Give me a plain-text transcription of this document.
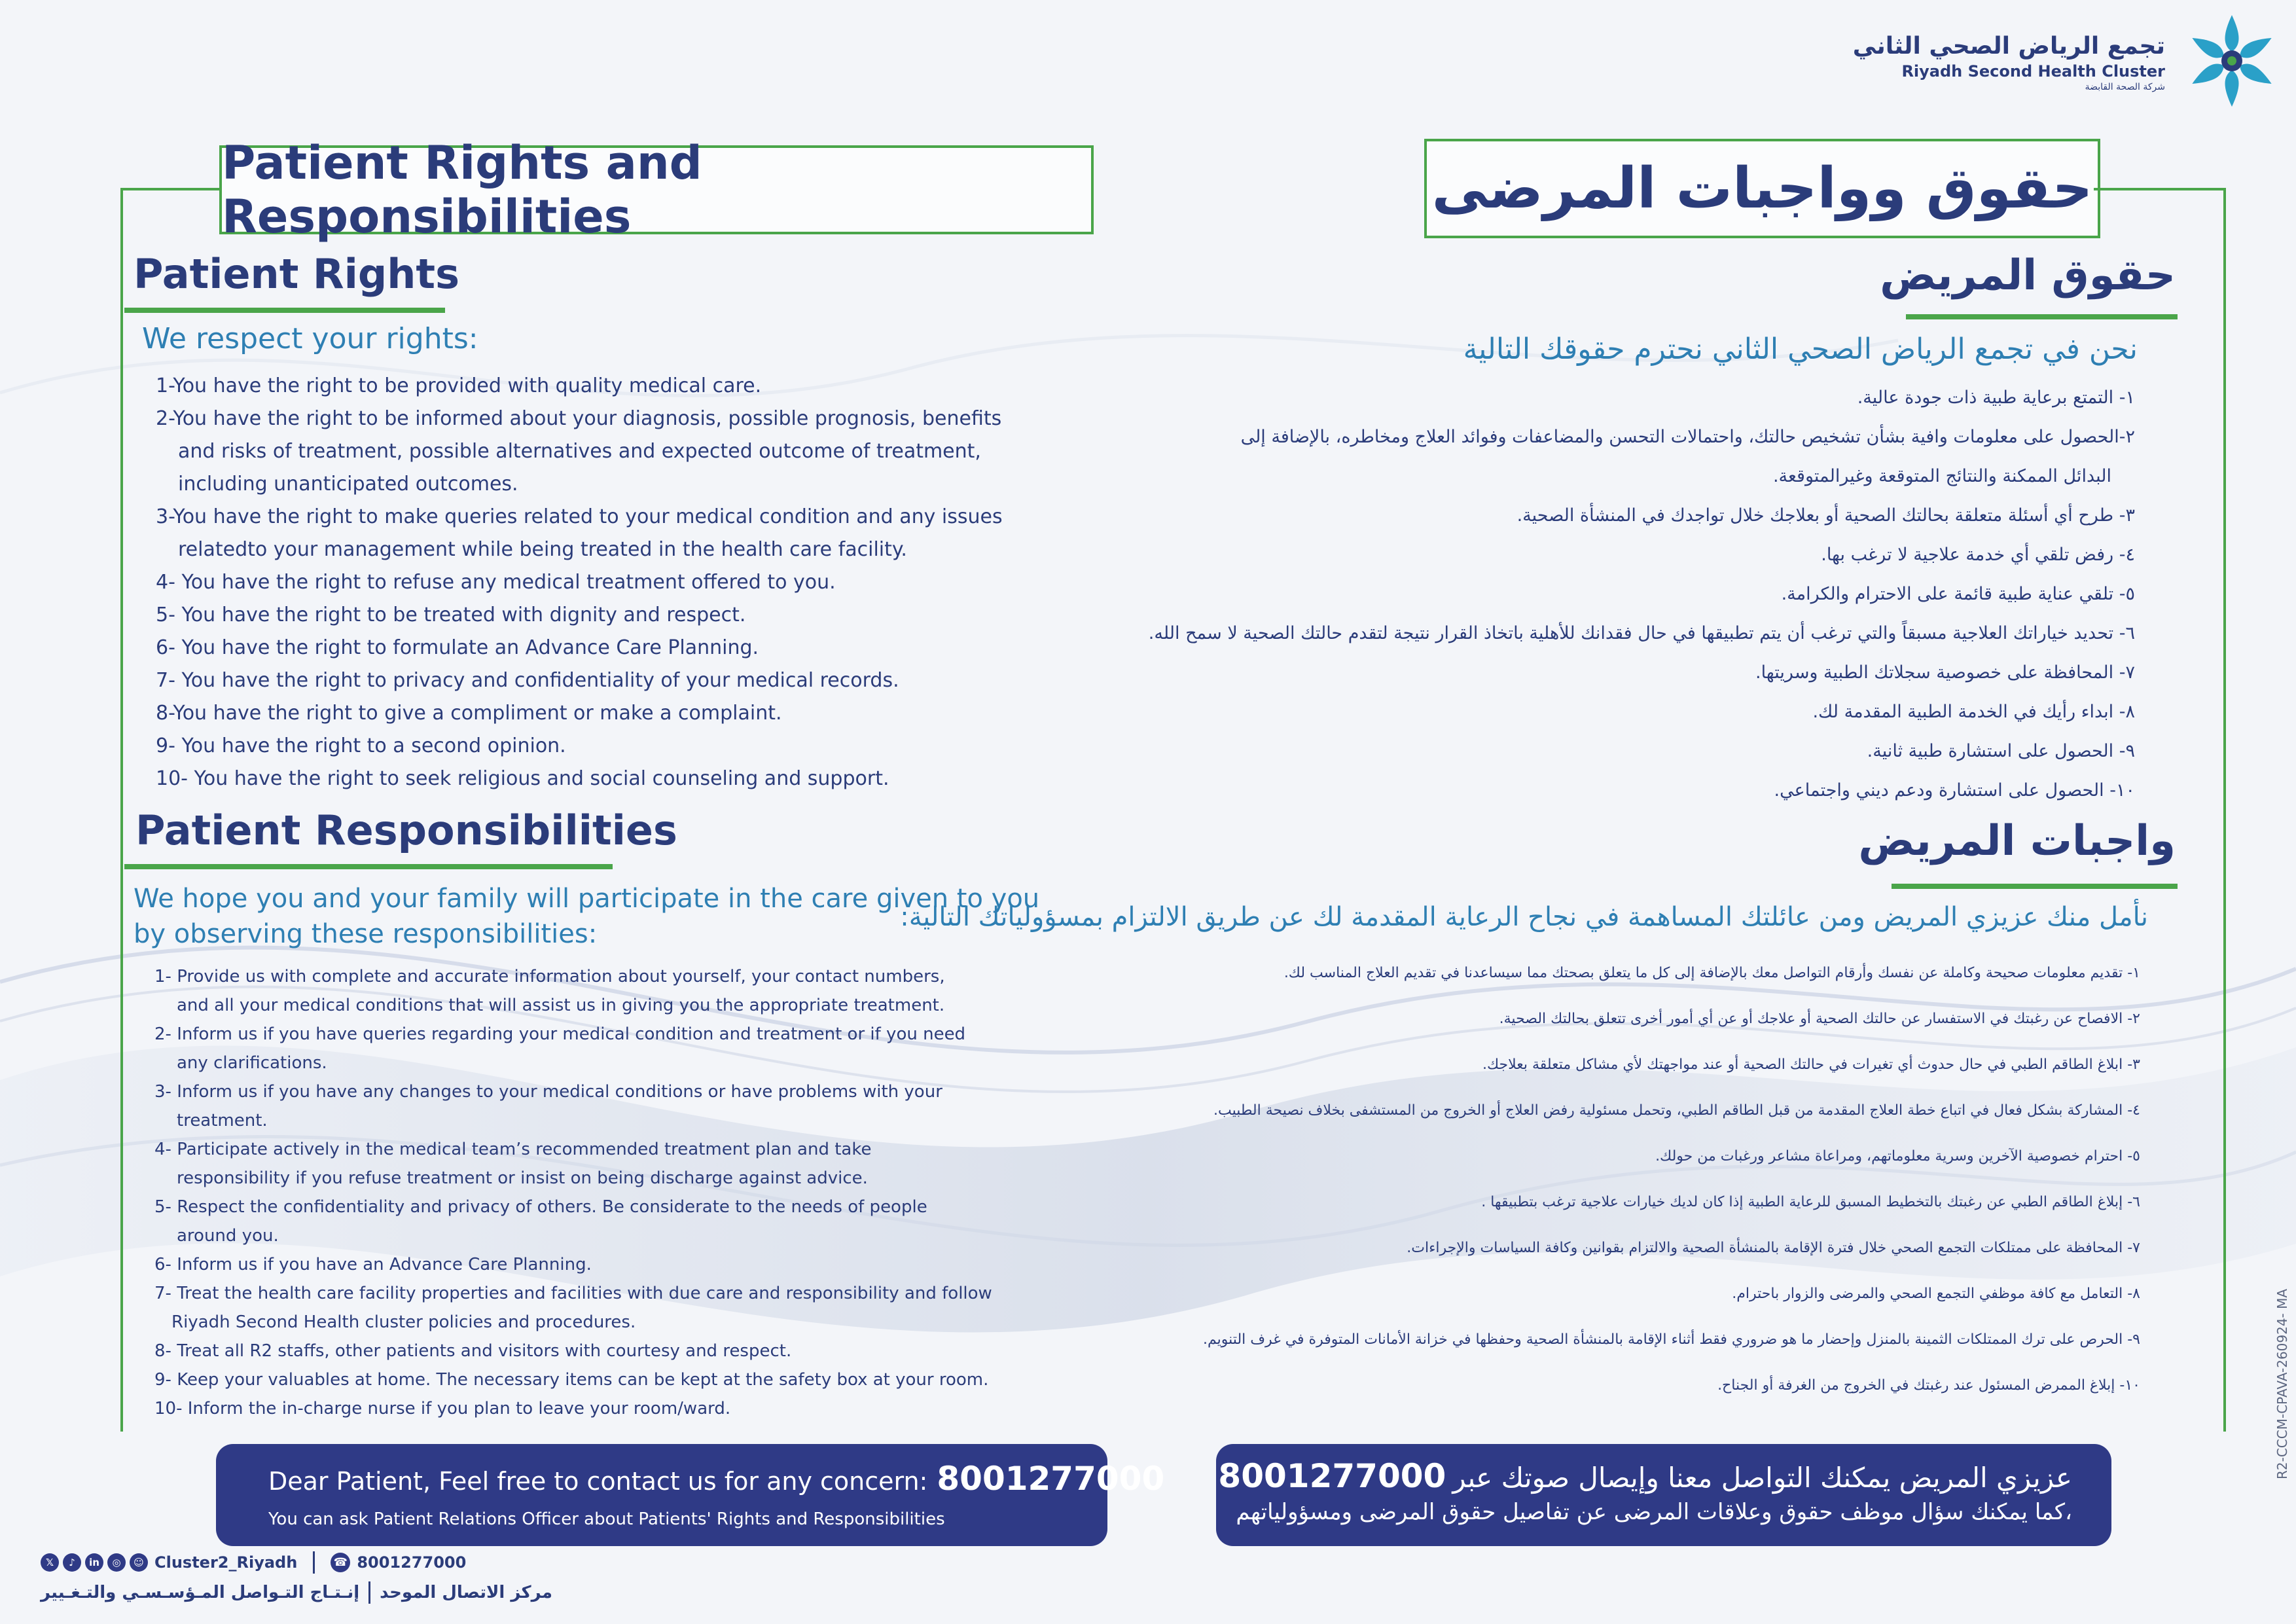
تجمع الرياض الصحي الثاني
Riyadh Second Health Cluster
شركة الصحة القابضة
Patient Rights and Responsibilities	حقوق وواجبات المرضى
Patient Rights
We respect your rights:
1-You have the right to be provided with quality medical care.
2-You have the right to be informed about your diagnosis, possible prognosis, benefits
and risks of treatment, possible alternatives and expected outcome of treatment,
including unanticipated outcomes.
3-You have the right to make queries related to your medical condition and any issues
relatedto your management while being treated in the health care facility.
4- You have the right to refuse any medical treatment offered to you.
5- You have the right to be treated with dignity and respect.
6- You have the right to formulate an Advance Care Planning.
7- You have the right to privacy and confidentiality of your medical records.
8-You have the right to give a compliment or make a complaint.
9- You have the right to a second opinion.
10- You have the right to seek religious and social counseling and support.
Patient Responsibilities
We hope you and your family will participate in the care given to you
by observing these responsibilities:
1- Provide us with complete and accurate information about yourself, your contact numbers,
and all your medical conditions that will assist us in giving you the appropriate treatment.
2- Inform us if you have queries regarding your medical condition and treatment or if you need
any clarifications.
3- Inform us if you have any changes to your medical conditions or have problems with your
treatment.
4- Participate actively in the medical team’s recommended treatment plan and take
responsibility if you refuse treatment or insist on being discharge against advice.
5- Respect the confidentiality and privacy of others. Be considerate to the needs of people
around you.
6- Inform us if you have an Advance Care Planning.
7- Treat the health care facility properties and facilities with due care and responsibility and follow
Riyadh Second Health cluster policies and procedures.
8- Treat all R2 staffs, other patients and visitors with courtesy and respect.
9- Keep your valuables at home. The necessary items can be kept at the safety box at your room.
10- Inform the in-charge nurse if you plan to leave your room/ward.
حقوق المريض
نحن في تجمع الرياض الصحي الثاني نحترم حقوقك التالية
١- التمتع برعاية طبية ذات جودة عالية.
٢-الحصول على معلومات وافية بشأن تشخيص حالتك، واحتمالات التحسن والمضاعفات وفوائد العلاج ومخاطره، بالإضافة إلى
البدائل الممكنة والنتائج المتوقعة وغيرالمتوقعة.
٣- طرح أي أسئلة متعلقة بحالتك الصحية أو بعلاجك خلال تواجدك في المنشأة الصحية.
٤- رفض تلقي أي خدمة علاجية لا ترغب بها.
٥- تلقي عناية طبية قائمة على الاحترام والكرامة.
٦- تحديد خياراتك العلاجية مسبقاً والتي ترغب أن يتم تطبيقها في حال فقدانك للأهلية باتخاذ القرار نتيجة لتقدم حالتك الصحية لا سمح الله.
٧- المحافظة على خصوصية سجلاتك الطبية وسريتها.
٨- ابداء رأيك في الخدمة الطبية المقدمة لك.
٩- الحصول على استشارة طبية ثانية.
١٠- الحصول على استشارة ودعم ديني واجتماعي.
واجبات المريض
نأمل منك عزيزي المريض ومن عائلتك المساهمة في نجاح الرعاية المقدمة لك عن طريق الالتزام بمسؤولياتك التالية:
١- تقديم معلومات صحيحة وكاملة عن نفسك وأرقام التواصل معك بالإضافة إلى كل ما يتعلق بصحتك مما سيساعدنا في تقديم العلاج المناسب لك.
٢- الافصاح عن رغبتك في الاستفسار عن حالتك الصحية أو علاجك أو عن أي أمور أخرى تتعلق بحالتك الصحية.
٣- ابلاغ الطاقم الطبي في حال حدوث أي تغيرات في حالتك الصحية أو عند مواجهتك لأي مشاكل متعلقة بعلاجك.
٤- المشاركة بشكل فعال في اتباع خطة العلاج المقدمة من قبل الطاقم الطبي، وتحمل مسئولية رفض العلاج أو الخروج من المستشفى بخلاف نصيحة الطبيب.
٥- احترام خصوصية الآخرين وسرية معلوماتهم، ومراعاة مشاعر ورغبات من حولك.
٦- إبلاغ الطاقم الطبي عن رغبتك بالتخطيط المسبق للرعاية الطبية إذا كان لديك خيارات علاجية ترغب بتطبيقها .
٧- المحافظة على ممتلكات التجمع الصحي خلال فترة الإقامة بالمنشأة الصحية والالتزام بقوانين وكافة السياسات والإجراءات.
٨- التعامل مع كافة موظفي التجمع الصحي والمرضى والزوار باحترام.
٩- الحرص على ترك الممتلكات الثمينة بالمنزل وإحضار ما هو ضروري فقط أثناء الإقامة بالمنشأة الصحية وحفظها في خزانة الأمانات المتوفرة في غرف التنويم.
١٠- إبلاغ الممرض المسئول عند رغبتك في الخروج من الغرفة أو الجناح.
Dear Patient, Feel free to contact us for any concern: 8001277000
You can ask Patient Relations Officer about Patients' Rights and Responsibilities
عزيزي المريض يمكنك التواصل معنا وإيصال صوتك عبر8001277000
،كما يمكنك سؤال موظف حقوق وعلاقات المرضى عن تفاصيل حقوق المرضى ومسؤولياتهم
𝕏	♪	in	◎	☺ Cluster2_Riyadh	☎ 8001277000
إنـتـاج التـواصل المـؤسـسـي والتـغـيير مركز الاتصال الموحد
R2-CCCM-CPAVA-260924- MA
